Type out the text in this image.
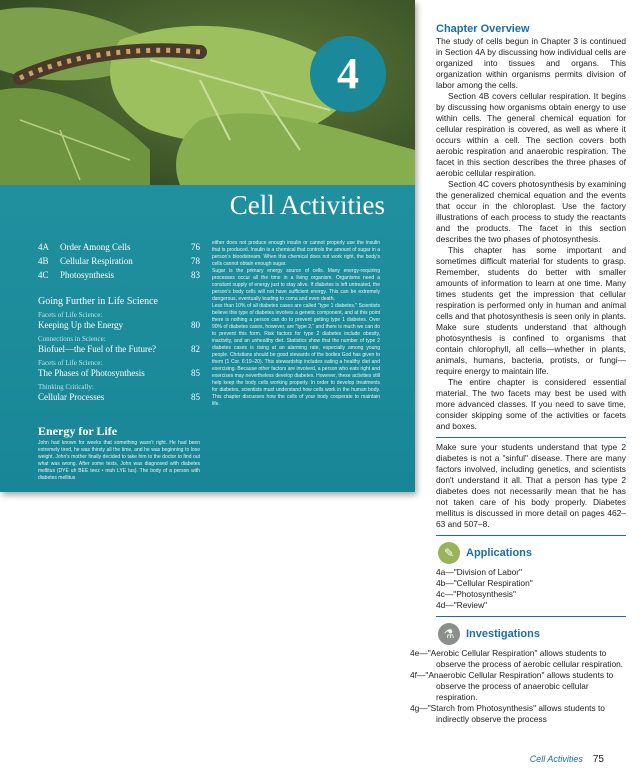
4
Cell Activities
4A Order Among Cells	76
4B Cellular Respiration	78
4C Photosynthesis	83
Going Further in Life Science
Facets of Life Science:
Keeping Up the Energy	80
Connections in Science:
Biofuel—the Fuel of the Future?	82
Facets of Life Science:
The Phases of Photosynthesis	85
Thinking Critically:
Cellular Processes	85
Energy for Life
John had known for weeks that something wasn't right. He had been extremely tired, he was thirsty all the time, and he was beginning to lose weight. John's mother finally decided to take him to the doctor to find out what was wrong. After some tests, John was diagnosed with diabetes mellitus (DYE uh BEE teez • muh LYE tus). The body of a person with diabetes mellitus
either does not produce enough insulin or cannot properly use the insulin that is produced. Insulin is a chemical that controls the amount of sugar in a person's bloodstream. When this chemical does not work right, the body's cells cannot obtain enough sugar.
Sugar is the primary energy source of cells. Many energy-requiring processes occur all the time in a living organism. Organisms need a constant supply of energy just to stay alive. If diabetes is left untreated, the person's body cells will not have sufficient energy. This can be extremely dangerous, eventually leading to coma and even death.
Less than 10% of all diabetes cases are called "type 1 diabetes." Scientists believe this type of diabetes involves a genetic component, and at this point there is nothing a person can do to prevent getting type 1 diabetes. Over 90% of diabetes cases, however, are "type 2," and there is much we can do to prevent this form. Risk factors for type 2 diabetes include obesity, inactivity, and an unhealthy diet. Statistics show that the number of type 2 diabetes cases is rising at an alarming rate, especially among young people. Christians should be good stewards of the bodies God has given to them (1 Cor. 6:19–20). This stewardship includes eating a healthy diet and exercising. Because other factors are involved, a person who eats right and exercises may nevertheless develop diabetes. However, these activities still help keep the body cells working properly. In order to develop treatments for diabetes, scientists must understand how cells work in the human body. This chapter discusses how the cells of your body cooperate to maintain life.
Chapter Overview

The study of cells begun in Chapter 3 is continued in Section 4A by discussing how individual cells are organized into tissues and organs. This organization within organisms permits division of labor among the cells.

Section 4B covers cellular respiration. It begins by discussing how organisms obtain energy to use within cells. The general chemical equation for cellular respiration is covered, as well as where it occurs within a cell. The section covers both aerobic respiration and anaerobic respiration. The facet in this section describes the three phases of aerobic cellular respiration.

Section 4C covers photosynthesis by examining the generalized chemical equation and the events that occur in the chloroplast. Use the factory illustrations of each process to study the reactants and the products. The facet in this section describes the two phases of photosynthesis.

This chapter has some important and sometimes difficult material for students to grasp. Remember, students do better with smaller amounts of information to learn at one time. Many times students get the impression that cellular respiration is performed only in human and animal cells and that photosynthesis is seen only in plants. Make sure students understand that although photosynthesis is confined to organisms that contain chlorophyll, all cells—whether in plants, animals, humans, bacteria, protists, or fungi—require energy to maintain life.

The entire chapter is considered essential material. The two facets may best be used with more advanced classes. If you need to save time, consider skipping some of the activities or facets and boxes.

Make sure your students understand that type 2 diabetes is not a "sinful" disease. There are many factors involved, including genetics, and scientists don't understand it all. That a person has type 2 diabetes does not necessarily mean that he has not taken care of his body properly. Diabetes mellitus is discussed in more detail on pages 462–63 and 507–8.

✎	Applications
4a—"Division of Labor"
4b—"Cellular Respiration"
4c—"Photosynthesis"
4d—"Review"
⚗	Investigations
4e—"Aerobic Cellular Respiration" allows students to observe the process of aerobic cellular respiration.
4f—"Anaerobic Cellular Respiration" allows students to observe the process of anaerobic cellular respiration.
4g—"Starch from Photosynthesis" allows students to indirectly observe the process
Cell Activities 75
